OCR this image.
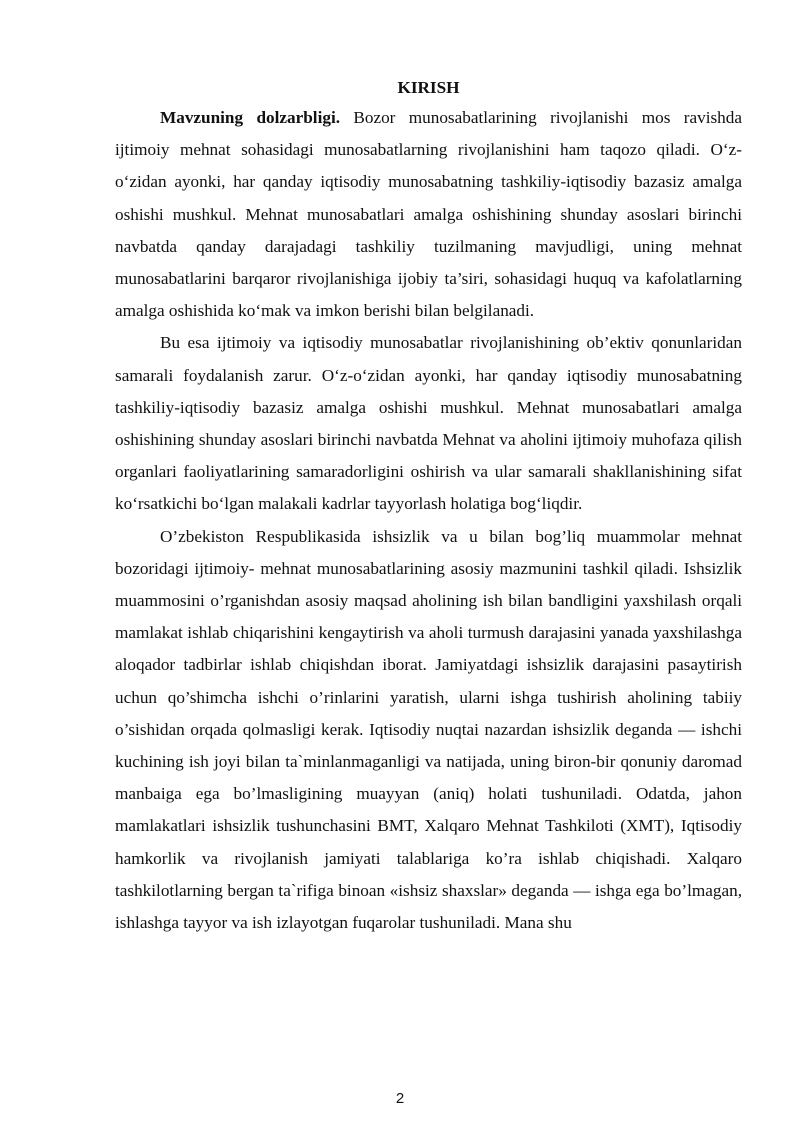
KIRISH

Mavzuning dolzarbligi. Bozor munosabatlarining rivojlanishi mos ravishda ijtimoiy mehnat sohasidagi munosabatlarning rivojlanishini ham taqozo qiladi. O‘z-o‘zidan ayonki, har qanday iqtisodiy munosabatning tashkiliy-iqtisodiy bazasiz amalga oshishi mushkul. Mehnat munosabatlari amalga oshishining shunday asoslari birinchi navbatda qanday darajadagi tashkiliy tuzilmaning mavjudligi, uning mehnat munosabatlarini barqaror rivojlanishiga ijobiy ta’siri, sohasidagi huquq va kafolatlarning amalga oshishida ko‘mak va imkon berishi bilan belgilanadi.

Bu esa ijtimoiy va iqtisodiy munosabatlar rivojlanishining ob’ektiv qonunlaridan samarali foydalanish zarur. O‘z-o‘zidan ayonki, har qanday iqtisodiy munosabatning tashkiliy-iqtisodiy bazasiz amalga oshishi mushkul. Mehnat munosabatlari amalga oshishining shunday asoslari birinchi navbatda Mehnat va aholini ijtimoiy muhofaza qilish organlari faoliyatlarining samaradorligini oshirish va ular samarali shakllanishining sifat ko‘rsatkichi bo‘lgan malakali kadrlar tayyorlash holatiga bog‘liqdir.

O’zbekiston Respublikasida ishsizlik va u bilan bog’liq muammolar mehnat bozoridagi ijtimoiy- mehnat munosabatlarining asosiy mazmunini tashkil qiladi. Ishsizlik muammosini o’rganishdan asosiy maqsad aholining ish bilan bandligini yaxshilash orqali mamlakat ishlab chiqarishini kengaytirish va aholi turmush darajasini yanada yaxshilashga aloqador tadbirlar ishlab chiqishdan iborat. Jamiyatdagi ishsizlik darajasini pasaytirish uchun qo’shimcha ishchi o’rinlarini yaratish, ularni ishga tushirish aholining tabiiy o’sishidan orqada qolmasligi kerak. Iqtisodiy nuqtai nazardan ishsizlik deganda — ishchi kuchining ish joyi bilan ta`minlanmaganligi va natijada, uning biron-bir qonuniy daromad manbaiga ega bo’lmasligining muayyan (aniq) holati tushuniladi. Odatda, jahon mamlakatlari ishsizlik tushunchasini BMT, Xalqaro Mehnat Tashkiloti (XMT), Iqtisodiy hamkorlik va rivojlanish jamiyati talablariga ko’ra ishlab chiqishadi. Xalqaro tashkilotlarning bergan ta`rifiga binoan «ishsiz shaxslar» deganda — ishga ega bo’lmagan, ishlashga tayyor va ish izlayotgan fuqarolar tushuniladi. Mana shu

2
